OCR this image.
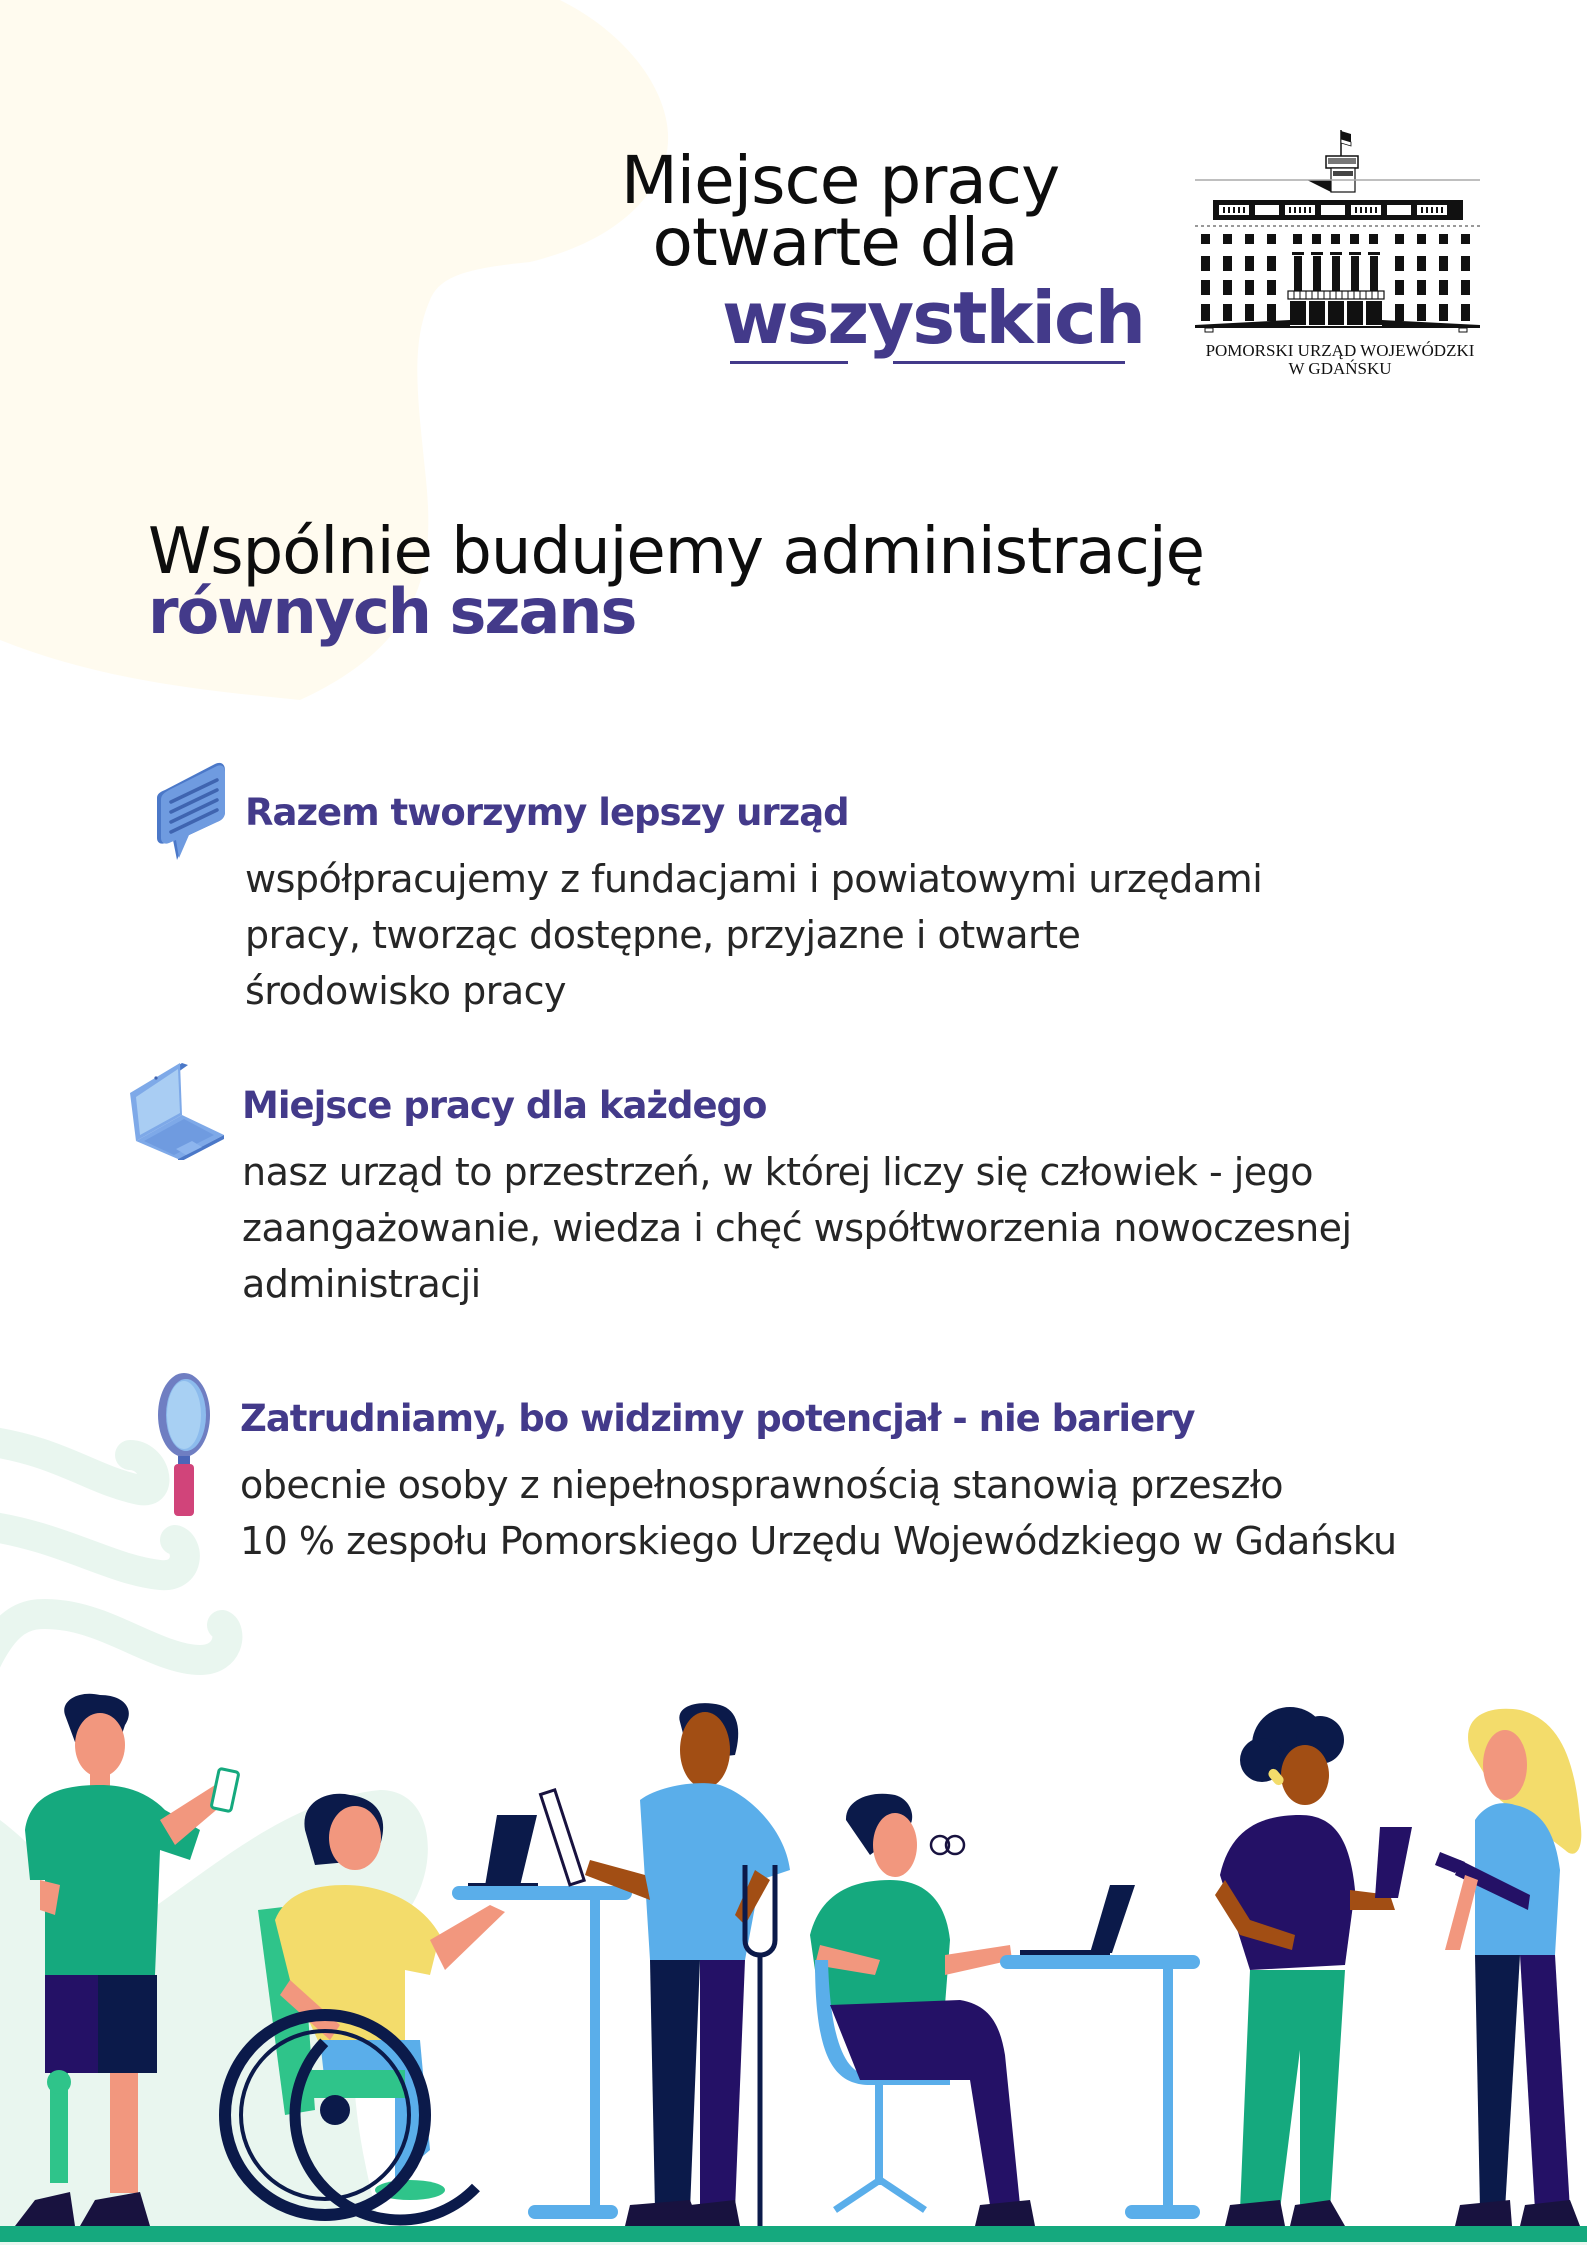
Miejsce pracy
otwarte dla
wszystkich	POMORSKI URZĄD WOJEWÓDZKI
W GDAŃSKU
Wspólnie budujemy administrację
równych szans
Razem tworzymy lepszy urząd
współpracujemy z fundacjami i powiatowymi urzędami
pracy, tworząc dostępne, przyjazne i otwarte
środowisko pracy
Miejsce pracy dla każdego
nasz urząd to przestrzeń, w której liczy się człowiek - jego
zaangażowanie, wiedza i chęć współtworzenia nowoczesnej
administracji
Zatrudniamy, bo widzimy potencjał - nie bariery
obecnie osoby z niepełnosprawnością stanowią przeszło
10 % zespołu Pomorskiego Urzędu Wojewódzkiego w Gdańsku
